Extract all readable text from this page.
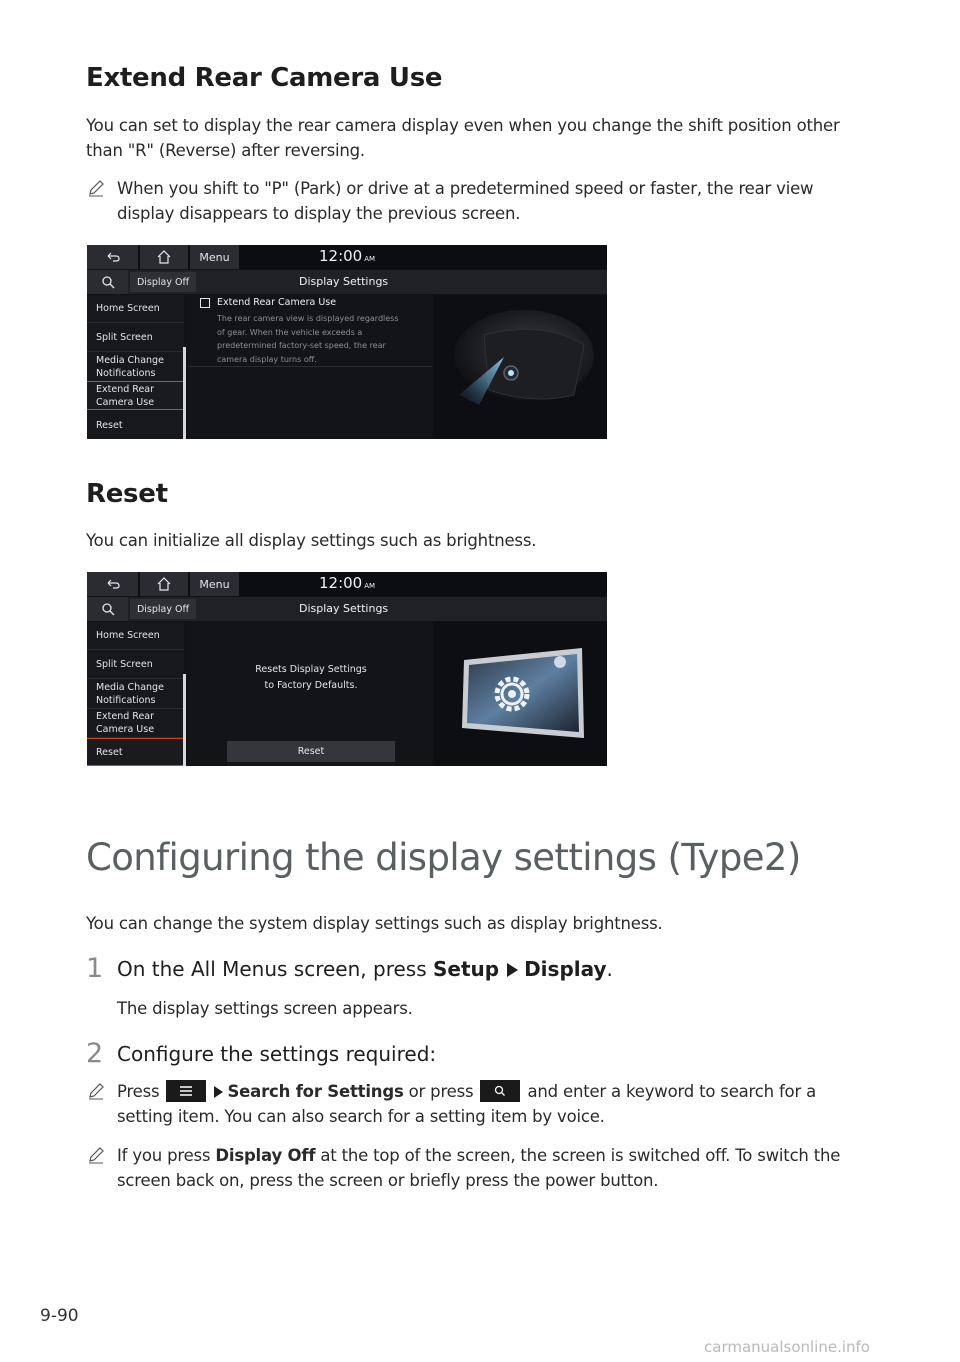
Extend Rear Camera Use
You can set to display the rear camera display even when you change the shift position other
than "R" (Reverse) after reversing.
When you shift to "P" (Park) or drive at a predetermined speed or faster, the rear view
display disappears to display the previous screen.
Menu	12:00 AM
Display Off	Display Settings
Home Screen
Split Screen
Media Change
Notifications
Extend Rear
Camera Use
Reset
Extend Rear Camera Use
The rear camera view is displayed regardless
of gear. When the vehicle exceeds a
predetermined factory-set speed, the rear
camera display turns off.
Reset
You can initialize all display settings such as brightness.
Menu	12:00 AM
Display Off	Display Settings
Home Screen
Split Screen
Media Change
Notifications
Extend Rear
Camera Use
Reset
Resets Display Settings
to Factory Defaults.
Reset
Configuring the display settings (Type2)
You can change the system display settings such as display brightness.
1 On the All Menus screen, press Setup Display.
The display settings screen appears.
2 Configure the settings required:
Press	Search for Settings or press	and enter a keyword to search for a
setting item. You can also search for a setting item by voice.
If you press Display Off at the top of the screen, the screen is switched off. To switch the
screen back on, press the screen or briefly press the power button.
9-90
carmanualsonline.info
